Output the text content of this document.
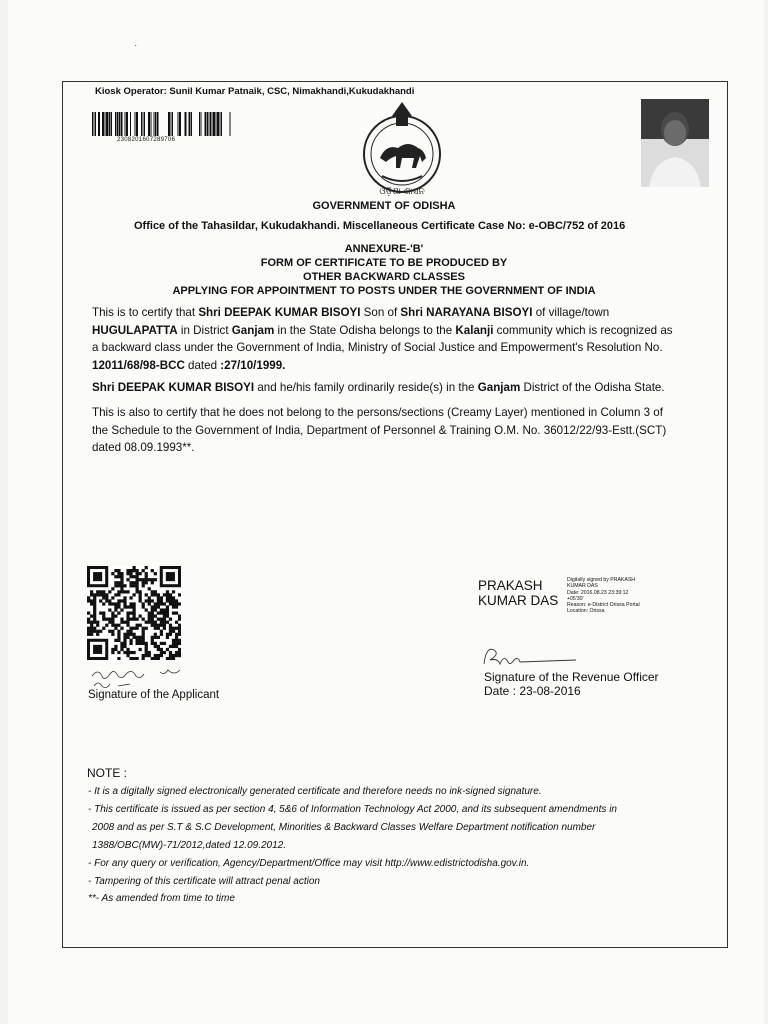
·
Kiosk Operator: Sunil Kumar Patnaik, CSC, Nimakhandi,Kukudakhandi
2308201607289706
ଓଡ଼ିଶା ଶାସନ
GOVERNMENT OF ODISHA
Office of the Tahasildar, Kukudakhandi. Miscellaneous Certificate Case No: e-OBC/752 of 2016
ANNEXURE-'B'
FORM OF CERTIFICATE TO BE PRODUCED BY
OTHER BACKWARD CLASSES
APPLYING FOR APPOINTMENT TO POSTS UNDER THE GOVERNMENT OF INDIA
This is to certify that Shri DEEPAK KUMAR BISOYI Son of Shri NARAYANA BISOYI of village/town
HUGULAPATTA in District Ganjam in the State Odisha belongs to the Kalanji community which is recognized as
a backward class under the Government of India, Ministry of Social Justice and Empowerment's Resolution No.
12011/68/98-BCC dated :27/10/1999.
Shri DEEPAK KUMAR BISOYI and he/his family ordinarily reside(s) in the Ganjam District of the Odisha State.
This is also to certify that he does not belong to the persons/sections (Creamy Layer) mentioned in Column 3 of
the Schedule to the Government of India, Department of Personnel & Training O.M. No. 36012/22/93-Estt.(SCT)
dated 08.09.1993**.
Signature of the Applicant
PRAKASH
KUMAR DAS
Digitally signed by PRAKASH
KUMAR DAS
Date: 2016.08.23 23:39:12
+05'30'
Reason: e-District Orissa Portal
Location: Orissa
Signature of the Revenue Officer
Date : 23-08-2016
NOTE :
- It is a digitally signed electronically generated certificate and therefore needs no ink-signed signature.
- This certificate is issued as per section 4, 5&6 of Information Technology Act 2000, and its subsequent amendments in
2008 and as per S.T & S.C Development, Minorities & Backward Classes Welfare Department notification number
1388/OBC(MW)-71/2012,dated 12.09.2012.
- For any query or verification, Agency/Department/Office may visit http://www.edistrictodisha.gov.in.
- Tampering of this certificate will attract penal action
**- As amended from time to time
